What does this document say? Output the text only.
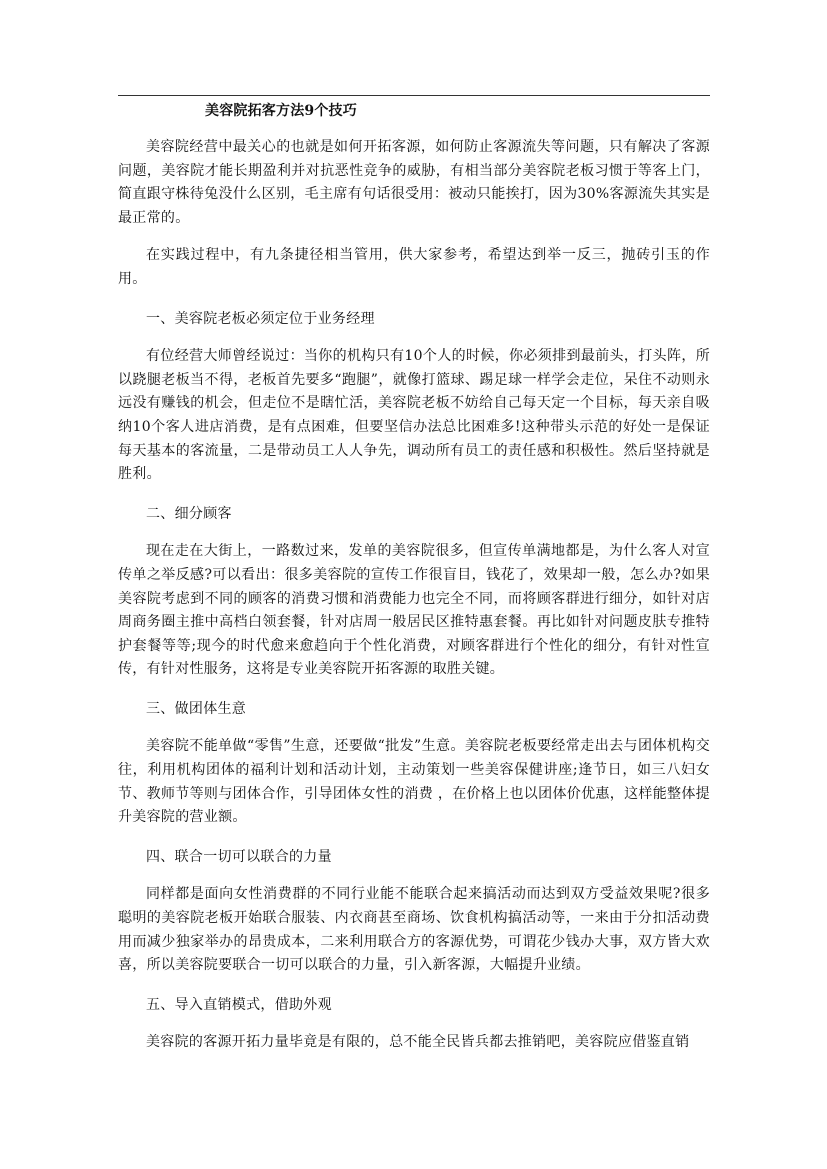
美容院拓客方法9个技巧

美容院经营中最关心的也就是如何开拓客源，如何防止客源流失等问题，只有解决了客源问题，美容院才能长期盈利并对抗恶性竞争的威胁，有相当部分美容院老板习惯于等客上门，简直跟守株待兔没什么区别，毛主席有句话很受用：被动只能挨打，因为30%客源流失其实是最正常的。

在实践过程中，有九条捷径相当管用，供大家参考，希望达到举一反三，抛砖引玉的作用。

一、美容院老板必须定位于业务经理

有位经营大师曾经说过：当你的机构只有10个人的时候，你必须排到最前头，打头阵，所以跷腿老板当不得，老板首先要多“跑腿”，就像打篮球、踢足球一样学会走位，呆住不动则永远没有赚钱的机会，但走位不是瞎忙活，美容院老板不妨给自己每天定一个目标，每天亲自吸纳10个客人进店消费，是有点困难，但要坚信办法总比困难多!这种带头示范的好处一是保证每天基本的客流量，二是带动员工人人争先，调动所有员工的责任感和积极性。然后坚持就是胜利。

二、细分顾客

现在走在大街上，一路数过来，发单的美容院很多，但宣传单满地都是，为什么客人对宣传单之举反感?可以看出：很多美容院的宣传工作很盲目，钱花了，效果却一般，怎么办?如果美容院考虑到不同的顾客的消费习惯和消费能力也完全不同，而将顾客群进行细分，如针对店周商务圈主推中高档白领套餐，针对店周一般居民区推特惠套餐。再比如针对问题皮肤专推特护套餐等等;现今的时代愈来愈趋向于个性化消费，对顾客群进行个性化的细分，有针对性宣传，有针对性服务，这将是专业美容院开拓客源的取胜关键。

三、做团体生意

美容院不能单做“零售”生意，还要做“批发”生意。美容院老板要经常走出去与团体机构交往，利用机构团体的福利计划和活动计划，主动策划一些美容保健讲座;逢节日，如三八妇女节、教师节等则与团体合作，引导团体女性的消费 ，在价格上也以团体价优惠，这样能整体提升美容院的营业额。

四、联合一切可以联合的力量

同样都是面向女性消费群的不同行业能不能联合起来搞活动而达到双方受益效果呢?很多聪明的美容院老板开始联合服装、内衣商甚至商场、饮食机构搞活动等，一来由于分扣活动费用而减少独家举办的昂贵成本，二来利用联合方的客源优势，可谓花少钱办大事，双方皆大欢喜，所以美容院要联合一切可以联合的力量，引入新客源，大幅提升业绩。

五、导入直销模式，借助外观

美容院的客源开拓力量毕竟是有限的，总不能全民皆兵都去推销吧，美容院应借鉴直销
